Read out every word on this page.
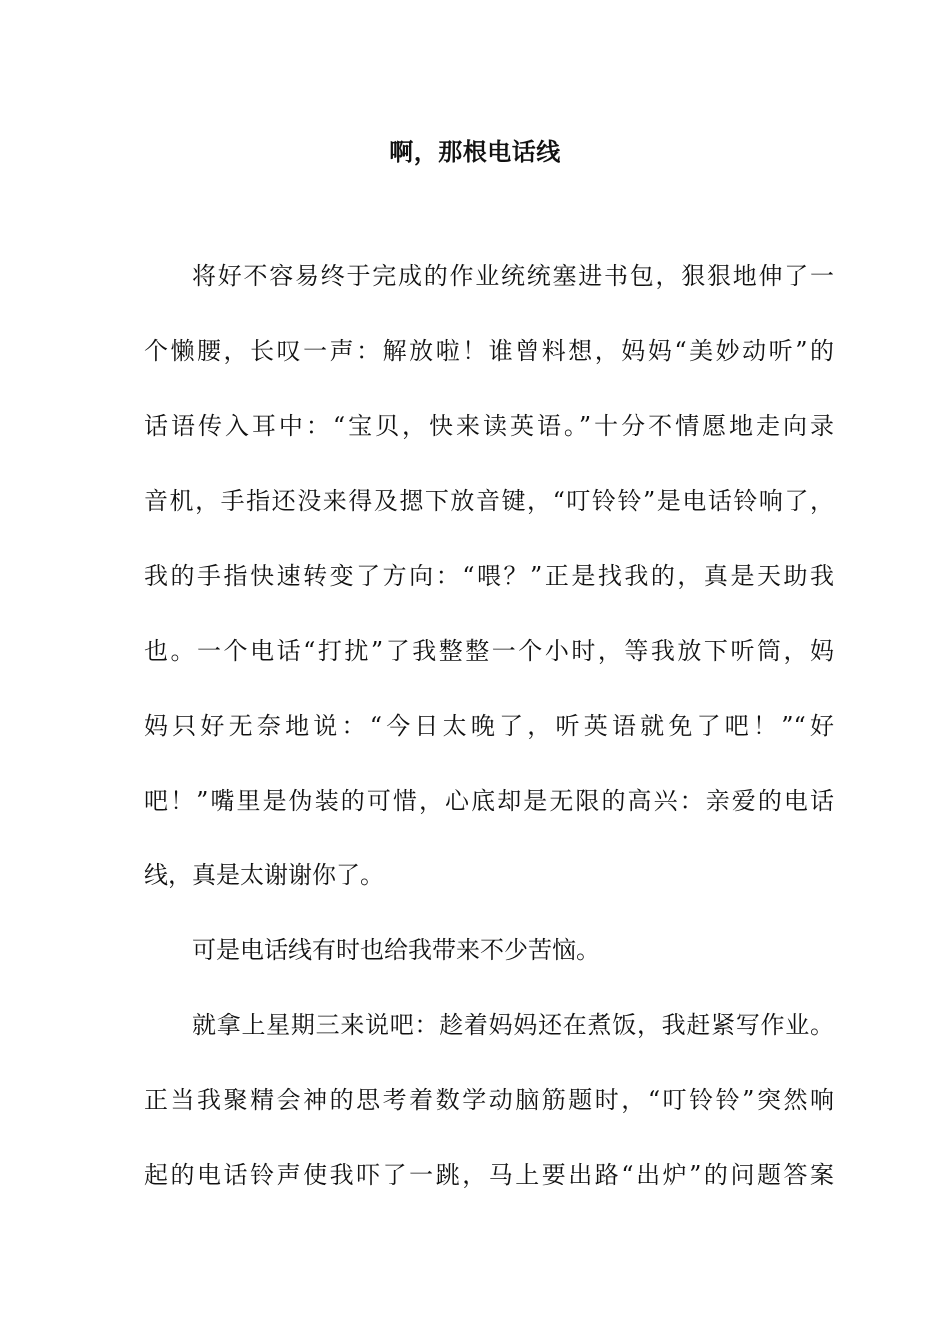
啊，那根电话线
将好不容易终于完成的作业统统塞进书包，狠狠地伸了一
个懒腰，长叹一声：解放啦！谁曾料想，妈妈“美妙动听”的
话语传入耳中：“宝贝，快来读英语。”十分不情愿地走向录
音机，手指还没来得及摁下放音键，“叮铃铃”是电话铃响了，
我的手指快速转变了方向：“喂？”正是找我的，真是天助我
也。一个电话“打扰”了我整整一个小时，等我放下听筒，妈
妈只好无奈地说：“今日太晚了，听英语就免了吧！”“好
吧！”嘴里是伪装的可惜，心底却是无限的高兴：亲爱的电话
线，真是太谢谢你了。
可是电话线有时也给我带来不少苦恼。
就拿上星期三来说吧：趁着妈妈还在煮饭，我赶紧写作业。
正当我聚精会神的思考着数学动脑筋题时，“叮铃铃”突然响
起的电话铃声使我吓了一跳，马上要出路“出炉”的问题答案
